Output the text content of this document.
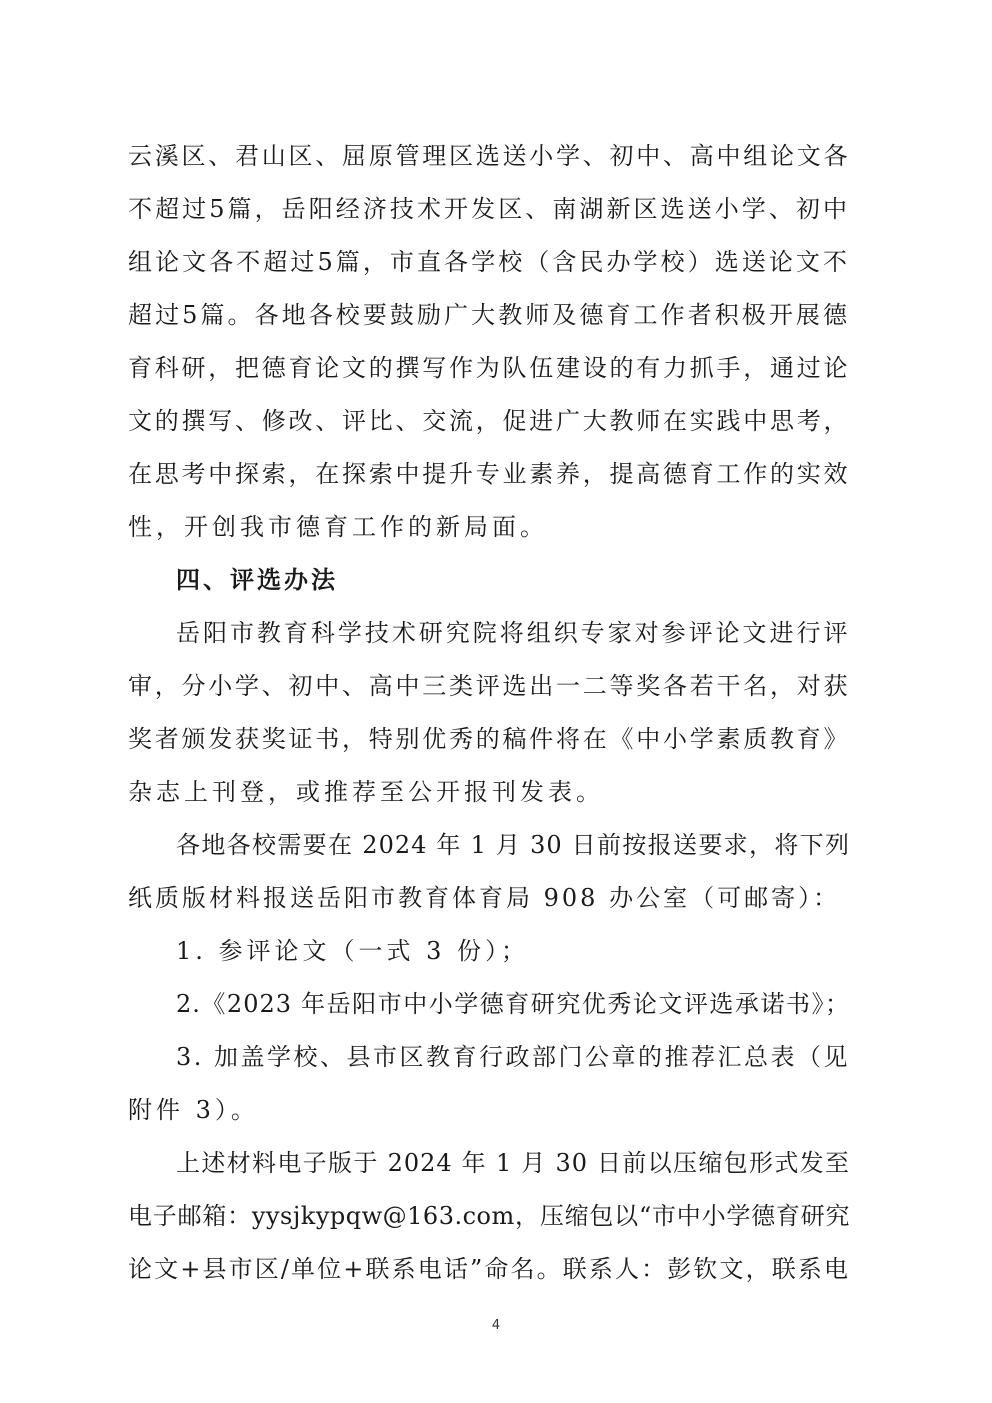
云溪区、君山区、屈原管理区选送小学、初中、高中组论文各
不超过5篇，岳阳经济技术开发区、南湖新区选送小学、初中
组论文各不超过5篇，市直各学校（含民办学校）选送论文不
超过5篇。各地各校要鼓励广大教师及德育工作者积极开展德
育科研，把德育论文的撰写作为队伍建设的有力抓手，通过论
文的撰写、修改、评比、交流，促进广大教师在实践中思考，
在思考中探索，在探索中提升专业素养，提高德育工作的实效
性，开创我市德育工作的新局面。
四、评选办法
岳阳市教育科学技术研究院将组织专家对参评论文进行评
审，分小学、初中、高中三类评选出一二等奖各若干名，对获
奖者颁发获奖证书，特别优秀的稿件将在《中小学素质教育》
杂志上刊登，或推荐至公开报刊发表。
各地各校需要在 2024 年 1 月 30 日前按报送要求，将下列
纸质版材料报送岳阳市教育体育局 908 办公室（可邮寄）：
1. 参评论文（一式 3 份）；
2.《2023 年岳阳市中小学德育研究优秀论文评选承诺书》；
3. 加盖学校、县市区教育行政部门公章的推荐汇总表（见
附件 3）。
上述材料电子版于 2024 年 1 月 30 日前以压缩包形式发至
电子邮箱：yysjkypqw@163.com，压缩包以“市中小学德育研究
论文+县市区/单位+联系电话”命名。联系人：彭钦文，联系电
4
